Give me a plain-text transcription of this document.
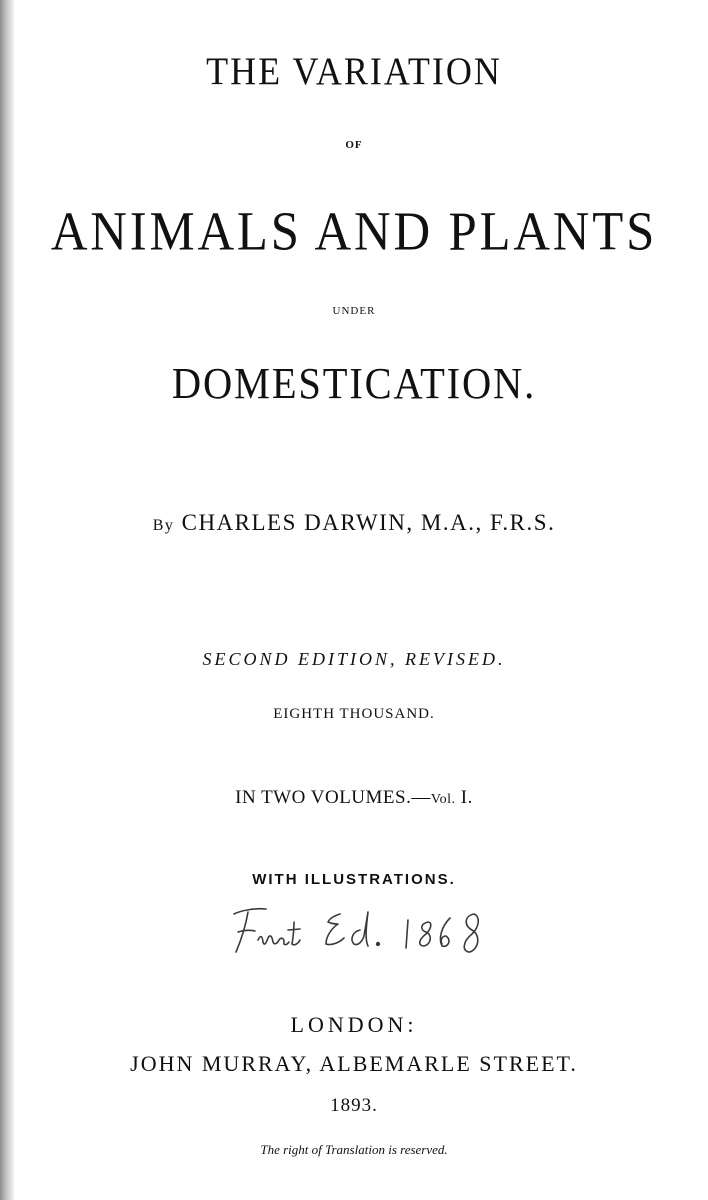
THE VARIATION
OF
ANIMALS AND PLANTS
UNDER
DOMESTICATION.
By CHARLES DARWIN, M.A., F.R.S.
SECOND EDITION, REVISED.
EIGHTH THOUSAND.
IN TWO VOLUMES.—Vol. I.
WITH ILLUSTRATIONS.
LONDON:
JOHN MURRAY, ALBEMARLE STREET.
1893.
The right of Translation is reserved.
